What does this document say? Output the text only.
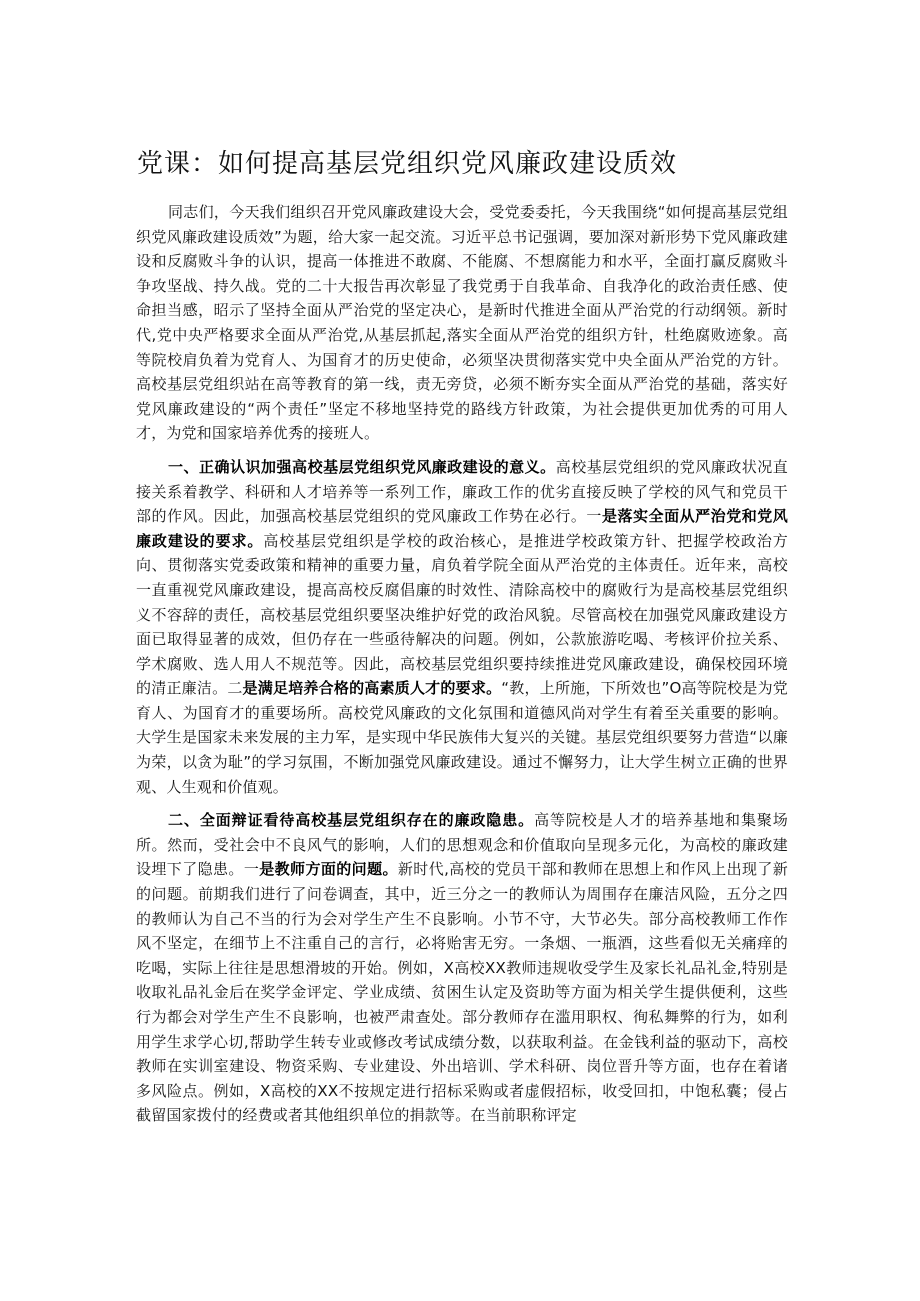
党课：如何提高基层党组织党风廉政建设质效

同志们，今天我们组织召开党风廉政建设大会，受党委委托，今天我围绕“如何提高基层党组织党风廉政建设质效”为题，给大家一起交流。习近平总书记强调，要加深对新形势下党风廉政建设和反腐败斗争的认识，提高一体推进不敢腐、不能腐、不想腐能力和水平，全面打赢反腐败斗争攻坚战、持久战。党的二十大报告再次彰显了我党勇于自我革命、自我净化的政治责任感、使命担当感，昭示了坚持全面从严治党的坚定决心，是新时代推进全面从严治党的行动纲领。新时代,党中央严格要求全面从严治党,从基层抓起,落实全面从严治党的组织方针，杜绝腐败迹象。高等院校肩负着为党育人、为国育才的历史使命，必须坚决贯彻落实党中央全面从严治党的方针。高校基层党组织站在高等教育的第一线，责无旁贷，必须不断夯实全面从严治党的基础，落实好党风廉政建设的“两个责任”坚定不移地坚持党的路线方针政策，为社会提供更加优秀的可用人才，为党和国家培养优秀的接班人。

一、正确认识加强高校基层党组织党风廉政建设的意义。高校基层党组织的党风廉政状况直接关系着教学、科研和人才培养等一系列工作，廉政工作的优劣直接反映了学校的风气和党员干部的作风。因此，加强高校基层党组织的党风廉政工作势在必行。一是落实全面从严治党和党风廉政建设的要求。高校基层党组织是学校的政治核心，是推进学校政策方针、把握学校政治方向、贯彻落实党委政策和精神的重要力量，肩负着学院全面从严治党的主体责任。近年来，高校一直重视党风廉政建设，提高高校反腐倡廉的时效性、清除高校中的腐败行为是高校基层党组织义不容辞的责任，高校基层党组织要坚决维护好党的政治风貌。尽管高校在加强党风廉政建设方面已取得显著的成效，但仍存在一些亟待解决的问题。例如，公款旅游吃喝、考核评价拉关系、学术腐败、选人用人不规范等。因此，高校基层党组织要持续推进党风廉政建设，确保校园环境的清正廉洁。二是满足培养合格的高素质人才的要求。“教，上所施，下所效也”O高等院校是为党育人、为国育才的重要场所。高校党风廉政的文化氛围和道德风尚对学生有着至关重要的影响。大学生是国家未来发展的主力军，是实现中华民族伟大复兴的关键。基层党组织要努力营造“以廉为荣，以贪为耻”的学习氛围，不断加强党风廉政建设。通过不懈努力，让大学生树立正确的世界观、人生观和价值观。

二、全面辩证看待高校基层党组织存在的廉政隐患。高等院校是人才的培养基地和集聚场所。然而，受社会中不良风气的影响，人们的思想观念和价值取向呈现多元化，为高校的廉政建设埋下了隐患。一是教师方面的问题。新时代,高校的党员干部和教师在思想上和作风上出现了新的问题。前期我们进行了问卷调查，其中，近三分之一的教师认为周围存在廉洁风险，五分之四的教师认为自己不当的行为会对学生产生不良影响。小节不守，大节必失。部分高校教师工作作风不坚定，在细节上不注重自己的言行，必将贻害无穷。一条烟、一瓶酒，这些看似无关痛痒的吃喝，实际上往往是思想滑坡的开始。例如，X高校XX教师违规收受学生及家长礼品礼金,特别是收取礼品礼金后在奖学金评定、学业成绩、贫困生认定及资助等方面为相关学生提供便利，这些行为都会对学生产生不良影响，也被严肃查处。部分教师存在滥用职权、徇私舞弊的行为，如利用学生求学心切,帮助学生转专业或修改考试成绩分数，以获取利益。在金钱利益的驱动下，高校教师在实训室建设、物资采购、专业建设、外出培训、学术科研、岗位晋升等方面，也存在着诸多风险点。例如，X高校的XX不按规定进行招标采购或者虚假招标，收受回扣，中饱私囊；侵占截留国家拨付的经费或者其他组织单位的捐款等。在当前职称评定
